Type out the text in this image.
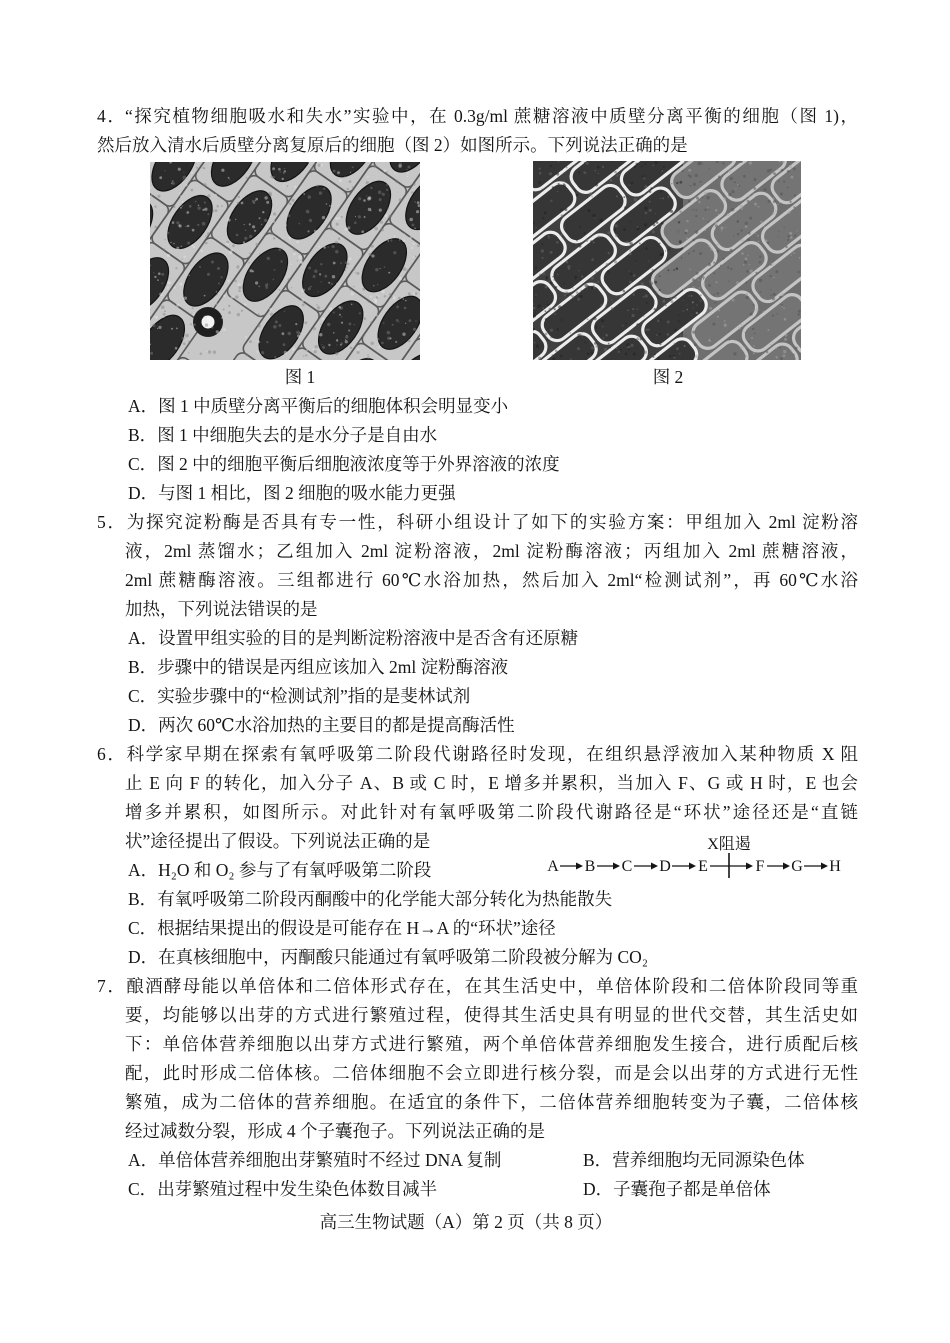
4．“探究植物细胞吸水和失水”实验中，在 0.3g/ml 蔗糖溶液中质壁分离平衡的细胞（图 1)，
然后放入清水后质壁分离复原后的细胞（图 2）如图所示。下列说法正确的是
图 1	图 2
A．图 1 中质壁分离平衡后的细胞体积会明显变小
B．图 1 中细胞失去的是水分子是自由水
C．图 2 中的细胞平衡后细胞液浓度等于外界溶液的浓度
D．与图 1 相比，图 2 细胞的吸水能力更强
5．为探究淀粉酶是否具有专一性，科研小组设计了如下的实验方案：甲组加入 2ml 淀粉溶
液，2ml 蒸馏水；乙组加入 2ml 淀粉溶液，2ml 淀粉酶溶液；丙组加入 2ml 蔗糖溶液，
2ml 蔗糖酶溶液。三组都进行 60℃水浴加热，然后加入 2ml“检测试剂”，再 60℃水浴
加热，下列说法错误的是
A．设置甲组实验的目的是判断淀粉溶液中是否含有还原糖
B．步骤中的错误是丙组应该加入 2ml 淀粉酶溶液
C．实验步骤中的“检测试剂”指的是斐林试剂
D．两次 60℃水浴加热的主要目的都是提高酶活性
6．科学家早期在探索有氧呼吸第二阶段代谢路径时发现，在组织悬浮液加入某种物质 X 阻
止 E 向 F 的转化，加入分子 A、B 或 C 时，E 增多并累积，当加入 F、G 或 H 时，E 也会
增多并累积，如图所示。对此针对有氧呼吸第二阶段代谢路径是“环状”途径还是“直链
状”途径提出了假设。下列说法正确的是
A．H₂O 和 O₂ 参与了有氧呼吸第二阶段
X阻遏
A B C D E	F G H
B．有氧呼吸第二阶段丙酮酸中的化学能大部分转化为热能散失
C．根据结果提出的假设是可能存在 H→A 的“环状”途径
D．在真核细胞中，丙酮酸只能通过有氧呼吸第二阶段被分解为 CO₂
7．酿酒酵母能以单倍体和二倍体形式存在，在其生活史中，单倍体阶段和二倍体阶段同等重
要，均能够以出芽的方式进行繁殖过程，使得其生活史具有明显的世代交替，其生活史如
下：单倍体营养细胞以出芽方式进行繁殖，两个单倍体营养细胞发生接合，进行质配后核
配，此时形成二倍体核。二倍体细胞不会立即进行核分裂，而是会以出芽的方式进行无性
繁殖，成为二倍体的营养细胞。在适宜的条件下，二倍体营养细胞转变为子囊，二倍体核
经过减数分裂，形成 4 个子囊孢子。下列说法正确的是
A．单倍体营养细胞出芽繁殖时不经过 DNA 复制	B．营养细胞均无同源染色体
C．出芽繁殖过程中发生染色体数目减半	D．子囊孢子都是单倍体
高三生物试题（A）第 2 页（共 8 页）
